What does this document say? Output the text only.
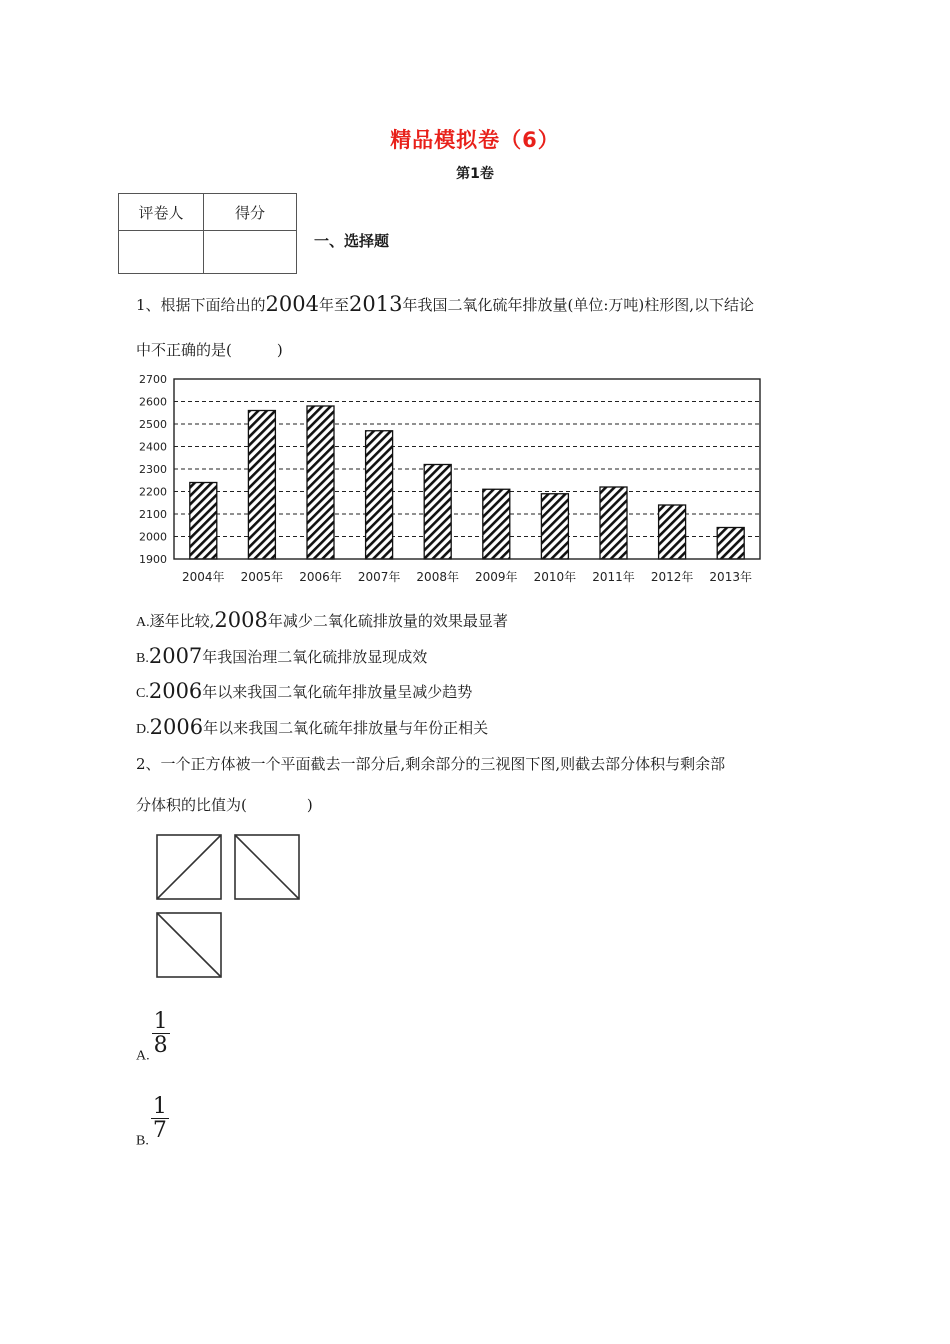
精品模拟卷（6）
第1卷
评卷人	得分

一、选择题
1、根据下面给出的2004年至2013年我国二氧化硫年排放量(单位:万吨)柱形图,以下结论
中不正确的是(　　　)
1900
2000
2100
2200
2300
2400
2500
2600
2700
2004年 2005年 2006年 2007年 2008年 2009年 2010年 2011年 2012年 2013年
A.逐年比较,2008年减少二氧化硫排放量的效果最显著
B.2007年我国治理二氧化硫排放显现成效
C.2006年以来我国二氧化硫年排放量呈减少趋势
D.2006年以来我国二氧化硫年排放量与年份正相关
2、一个正方体被一个平面截去一部分后,剩余部分的三视图下图,则截去部分体积与剩余部
分体积的比值为(　　　　)
A. $\frac{1}{8}$
B. $\frac{1}{7}$
